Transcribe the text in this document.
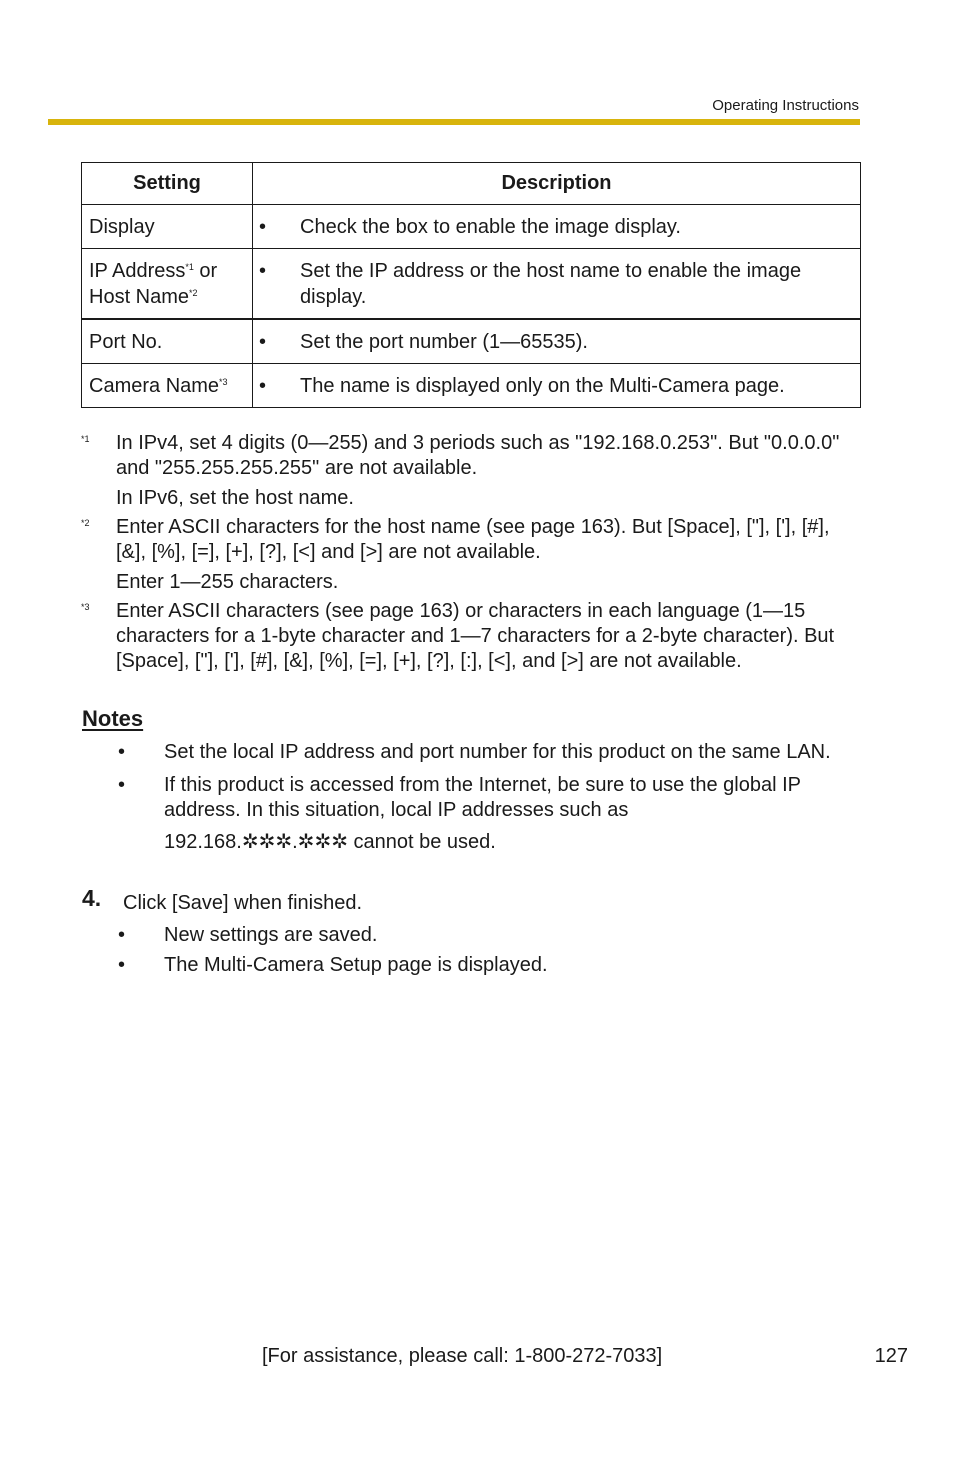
Operating Instructions
Setting	Description
Display	• Check the box to enable the image display.

IP Address$^{*1}$ or Host Name$^{*2}$	• Set the IP address or the host name to enable the image display.

Port No.	• Set the port number (1—65535).

Camera Name$^{*3}$	• The name is displayed only on the Multi-Camera page.
*1	In IPv4, set 4 digits (0—255) and 3 periods such as "192.168.0.253". But "0.0.0.0" and "255.255.255.255" are not available.

In IPv6, set the host name.

*2	Enter ASCII characters for the host name (see page 163). But [Space], ["], ['], [#], [&], [%], [=], [+], [?], [<] and [>] are not available.

Enter 1—255 characters.

*3	Enter ASCII characters (see page 163) or characters in each language (1—15 characters for a 1-byte character and 1—7 characters for a 2-byte character). But [Space], ["], ['], [#], [&], [%], [=], [+], [?], [:], [<], and [>] are not available.

Notes
•	Set the local IP address and port number for this product on the same LAN.
•	If this product is accessed from the Internet, be sure to use the global IP address. In this situation, local IP addresses such as
192.168.✲✲✲.✲✲✲ cannot be used.
4. Click [Save] when finished.
•	New settings are saved.
•	The Multi-Camera Setup page is displayed.
[For assistance, please call: 1-800-272-7033]	127
